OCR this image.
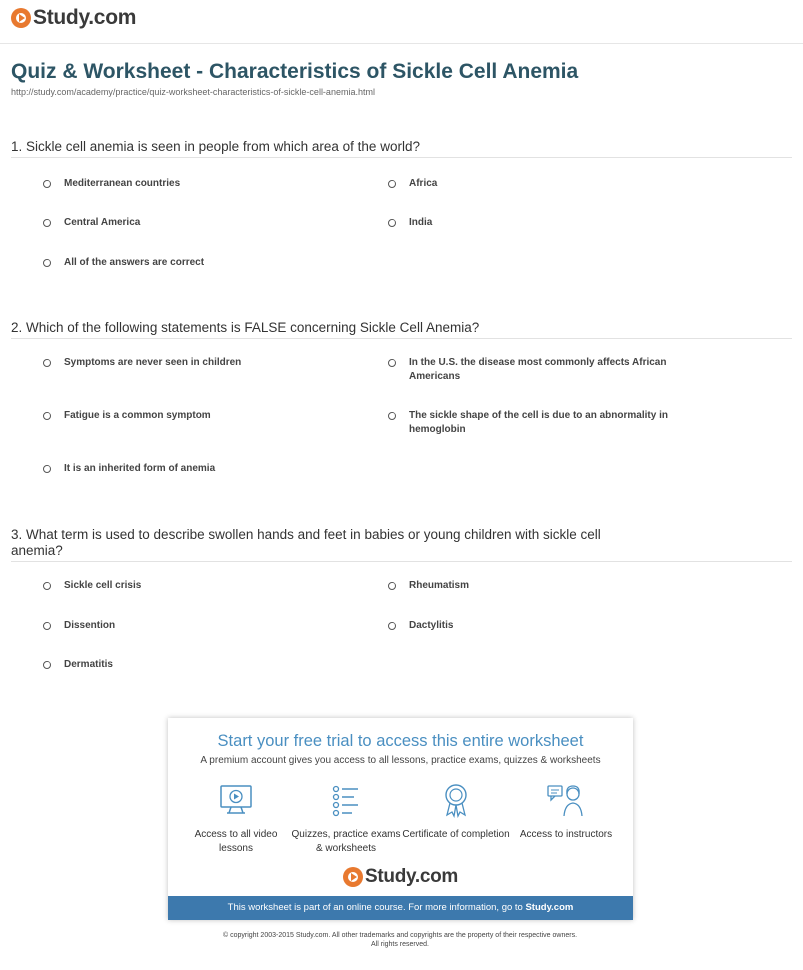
Study.com
Quiz & Worksheet - Characteristics of Sickle Cell Anemia
http://study.com/academy/practice/quiz-worksheet-characteristics-of-sickle-cell-anemia.html
1. Sickle cell anemia is seen in people from which area of the world?
Mediterranean countries	Africa
Central America	India
All of the answers are correct
2. Which of the following statements is FALSE concerning Sickle Cell Anemia?
Symptoms are never seen in children	In the U.S. the disease most commonly affects African Americans
Fatigue is a common symptom	The sickle shape of the cell is due to an abnormality in hemoglobin
It is an inherited form of anemia
3. What term is used to describe swollen hands and feet in babies or young children with sickle cell anemia?
Sickle cell crisis	Rheumatism
Dissention	Dactylitis
Dermatitis
Start your free trial to access this entire worksheet
A premium account gives you access to all lessons, practice exams, quizzes & worksheets
Access to all video lessons
Quizzes, practice exams & worksheets
Certificate of completion	Access to instructors
Study.com
This worksheet is part of an online course. For more information, go to Study.com
© copyright 2003-2015 Study.com. All other trademarks and copyrights are the property of their respective owners.
All rights reserved.
